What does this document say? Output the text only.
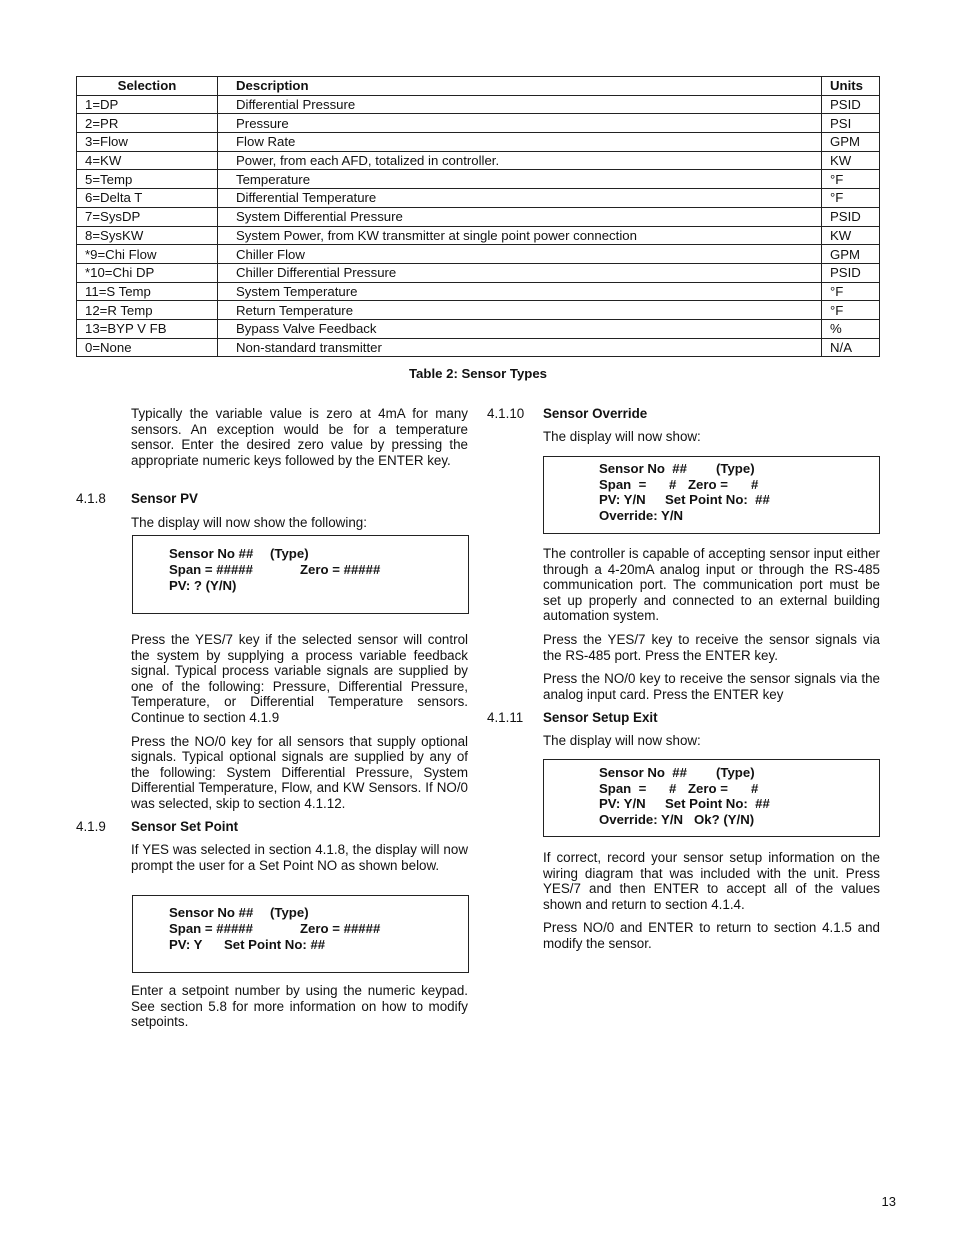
Selection	Description	Units
1=DP	Differential Pressure	PSID
2=PR	Pressure	PSI
3=Flow	Flow Rate	GPM
4=KW	Power, from each AFD, totalized in controller.	KW
5=Temp	Temperature	°F
6=Delta T	Differential Temperature	°F
7=SysDP	System Differential Pressure	PSID
8=SysKW	System Power, from KW transmitter at single point power connection	KW
*9=Chi Flow	Chiller Flow	GPM
*10=Chi DP	Chiller Differential Pressure	PSID
11=S Temp	System Temperature	°F
12=R Temp	Return Temperature	°F
13=BYP V FB	Bypass Valve Feedback	%
0=None	Non-standard transmitter	N/A
Table 2: Sensor Types

Typically the variable value is zero at 4mA for many sensors. An exception would be for a temperature sensor. Enter the desired zero value by pressing the appropriate numeric keys followed by the ENTER key.

4.1.8 Sensor PV

The display will now show the following:

Sensor No ## (Type)
Span = #####	Zero = #####
PV: ? (Y/N)

Press the YES/7 key if the selected sensor will control the system by supplying a process variable feedback signal. Typical process variable signals are supplied by one of the following: Pressure, Differential Pressure, Temperature, or Differential Temperature sensors. Continue to section 4.1.9

Press the NO/0 key for all sensors that supply optional signals. Typical optional signals are supplied by any of the following: System Differential Pressure, System Differential Temperature, Flow, and KW Sensors. If NO/0 was selected, skip to section 4.1.12.

4.1.9 Sensor Set Point

If YES was selected in section 4.1.8, the display will now prompt the user for a Set Point NO as shown below.

Sensor No ## (Type)
Span = #####	Zero = #####
PV: Y Set Point No: ##

Enter a setpoint number by using the numeric keypad. See section 5.8 for more information on how to modify setpoints.

4.1.10 Sensor Override

The display will now show:

Sensor No  ## (Type)
Span  = # Zero = #
PV: Y/N Set Point No:  ##
Override: Y/N

The controller is capable of accepting sensor input either through a 4-20mA analog input or through the RS-485 communication port. The communication port must be set up properly and connected to an external building automation system.

Press the YES/7 key to receive the sensor signals via the RS-485 port. Press the ENTER key.

Press the NO/0 key to receive the sensor signals via the analog input card. Press the ENTER key

4.1.11 Sensor Setup Exit

The display will now show:

Sensor No  ## (Type)
Span  = # Zero = #
PV: Y/N Set Point No:  ##
Override: Y/N   Ok? (Y/N)

If correct, record your sensor setup information on the wiring diagram that was included with the unit. Press YES/7 and then ENTER to accept all of the values shown and return to section 4.1.4.

Press NO/0 and ENTER to return to section 4.1.5 and modify the sensor.

13
